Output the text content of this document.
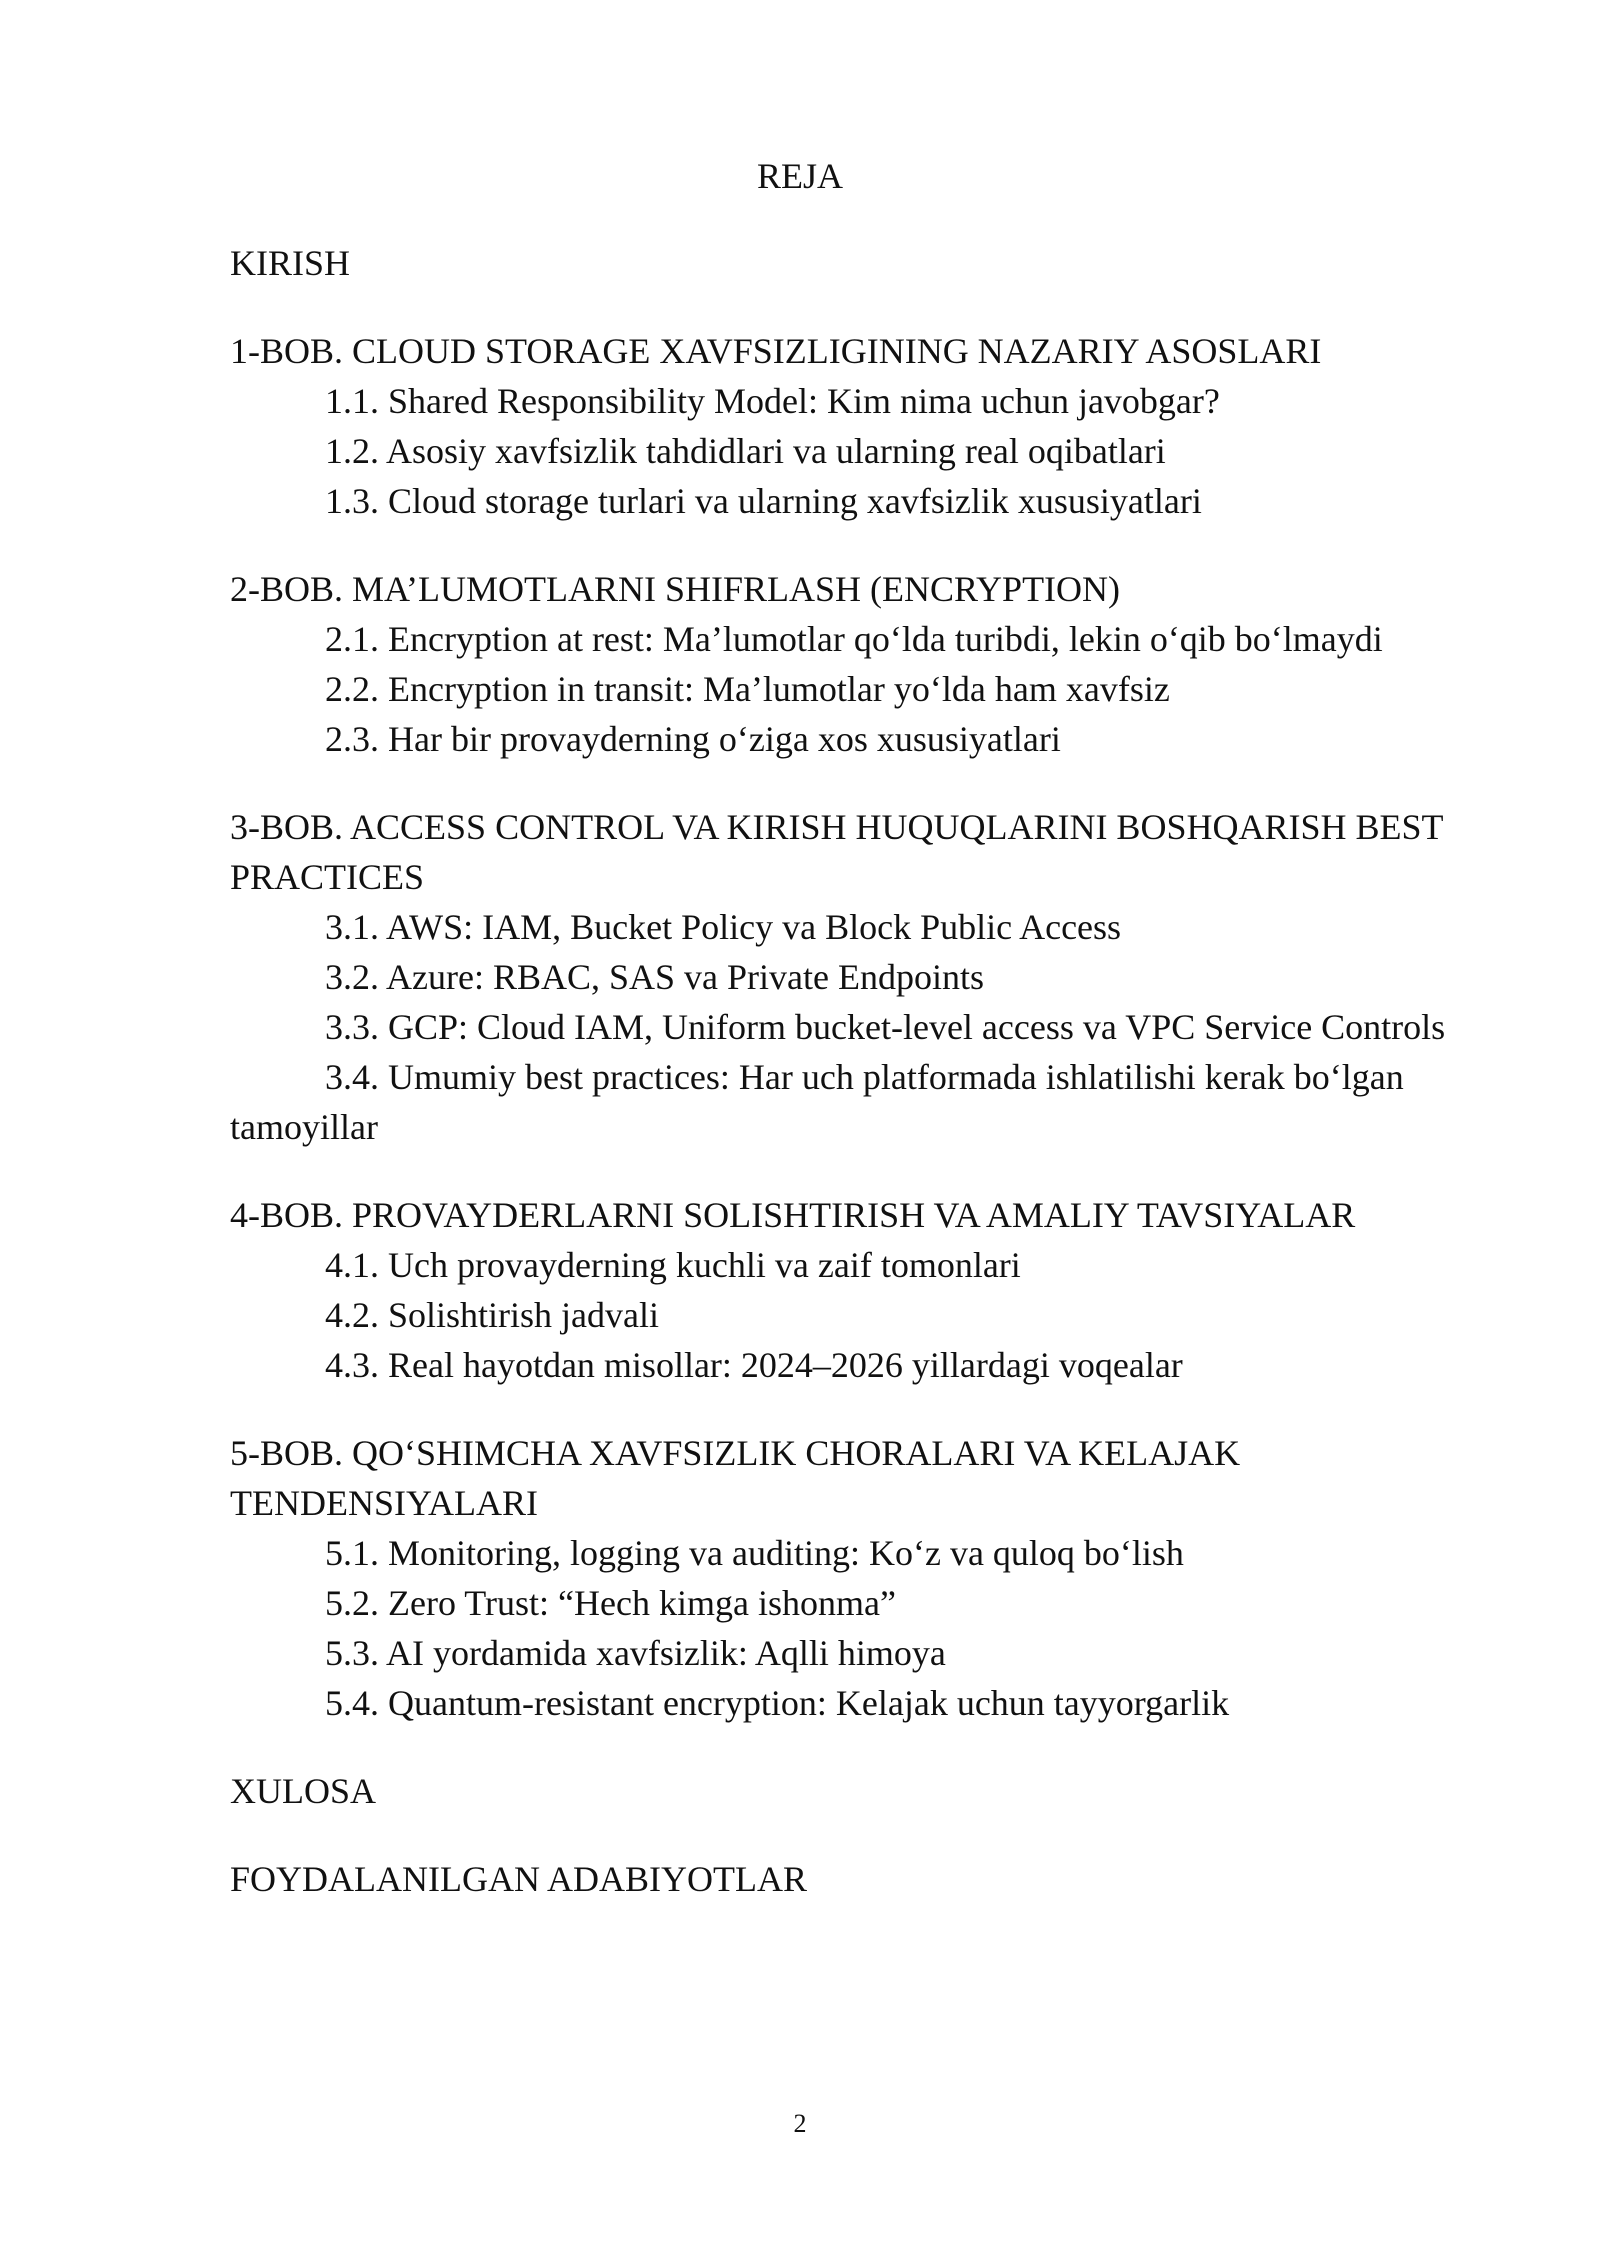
REJA

KIRISH

1-BOB. CLOUD STORAGE XAVFSIZLIGINING NAZARIY ASOSLARI

1.1. Shared Responsibility Model: Kim nima uchun javobgar?
1.2. Asosiy xavfsizlik tahdidlari va ularning real oqibatlari
1.3. Cloud storage turlari va ularning xavfsizlik xususiyatlari

2-BOB. MA’LUMOTLARNI SHIFRLASH (ENCRYPTION)

2.1. Encryption at rest: Ma’lumotlar qo‘lda turibdi, lekin o‘qib bo‘lmaydi
2.2. Encryption in transit: Ma’lumotlar yo‘lda ham xavfsiz
2.3. Har bir provayderning o‘ziga xos xususiyatlari

3-BOB. ACCESS CONTROL VA KIRISH HUQUQLARINI BOSHQARISH BEST PRACTICES

3.1. AWS: IAM, Bucket Policy va Block Public Access
3.2. Azure: RBAC, SAS va Private Endpoints
3.3. GCP: Cloud IAM, Uniform bucket-level access va VPC Service Controls
3.4. Umumiy best practices: Har uch platformada ishlatilishi kerak bo‘lgan tamoyillar

4-BOB. PROVAYDERLARNI SOLISHTIRISH VA AMALIY TAVSIYALAR

4.1. Uch provayderning kuchli va zaif tomonlari
4.2. Solishtirish jadvali
4.3. Real hayotdan misollar: 2024–2026 yillardagi voqealar

5-BOB. QO‘SHIMCHA XAVFSIZLIK CHORALARI VA KELAJAK TENDENSIYALARI

5.1. Monitoring, logging va auditing: Ko‘z va quloq bo‘lish
5.2. Zero Trust: “Hech kimga ishonma”
5.3. AI yordamida xavfsizlik: Aqlli himoya
5.4. Quantum-resistant encryption: Kelajak uchun tayyorgarlik

XULOSA

FOYDALANILGAN ADABIYOTLAR

2
